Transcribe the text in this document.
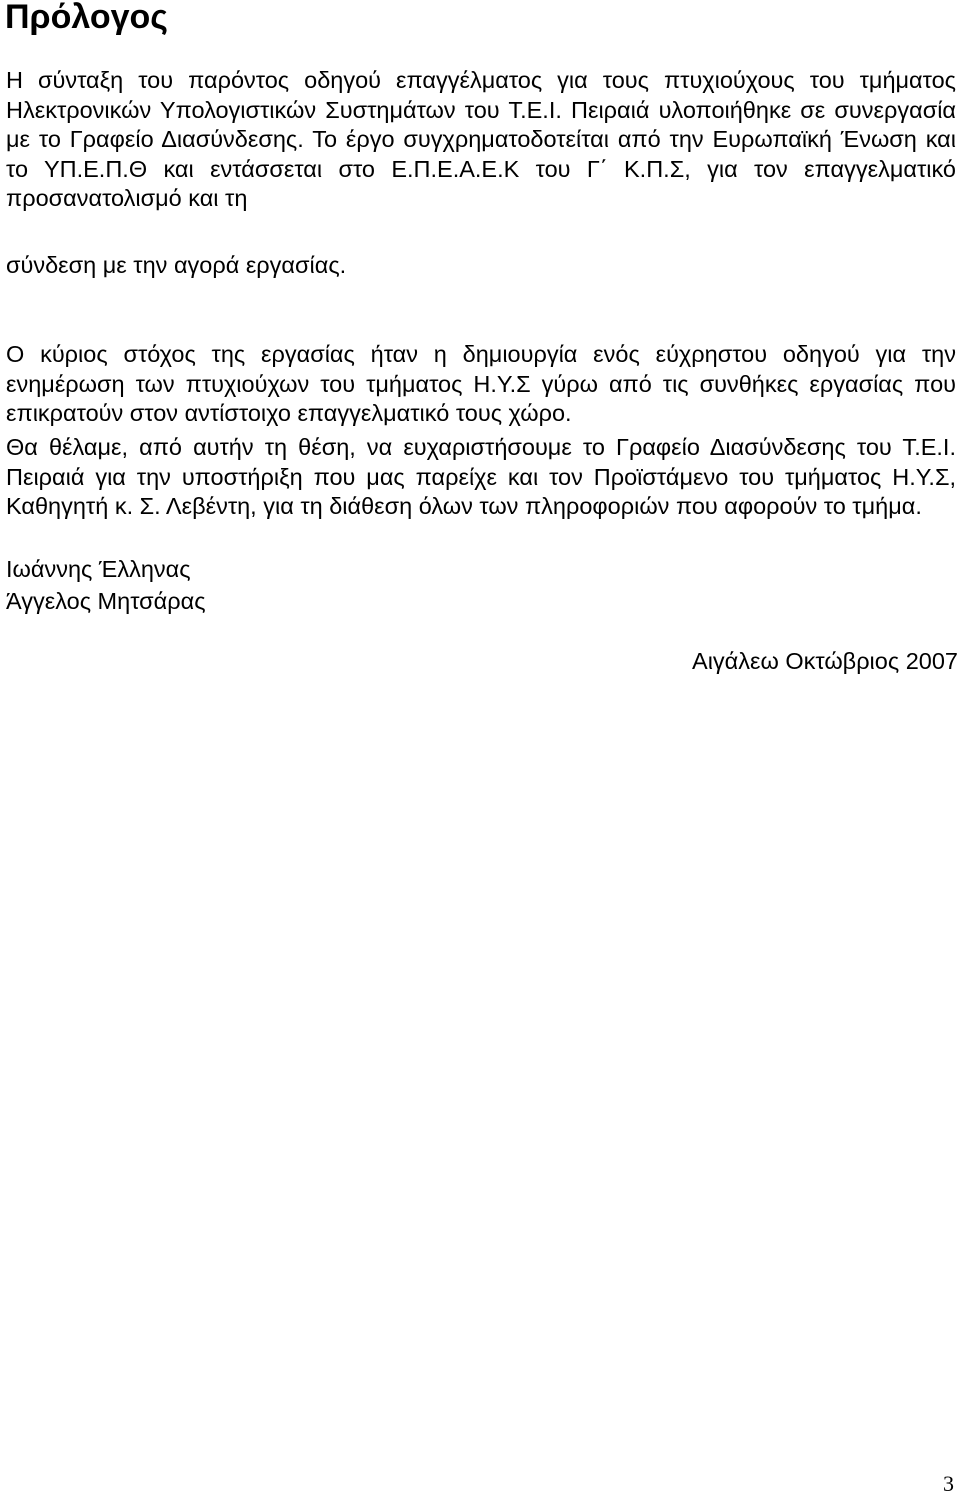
Πρόλογος

Η σύνταξη του παρόντος οδηγού επαγγέλματος για τους πτυχιούχους του τμήματος Ηλεκτρονικών Υπολογιστικών Συστημάτων του Τ.Ε.Ι. Πειραιά υλοποιήθηκε σε συνεργασία με το Γραφείο Διασύνδεσης. Το έργο συγχρηματοδοτείται από την Ευρωπαϊκή Ένωση και το ΥΠ.Ε.Π.Θ και εντάσσεται στο Ε.Π.Ε.Α.Ε.Κ του Γ΄ Κ.Π.Σ, για τον επαγγελματικό προσανατολισμό και τη

σύνδεση με την αγορά εργασίας.

Ο κύριος στόχος της εργασίας ήταν η δημιουργία ενός εύχρηστου οδηγού για την ενημέρωση των πτυχιούχων του τμήματος Η.Υ.Σ γύρω από τις συνθήκες εργασίας που επικρατούν στον αντίστοιχο επαγγελματικό τους χώρο.

Θα θέλαμε, από αυτήν τη θέση, να ευχαριστήσουμε το Γραφείο Διασύνδεσης του Τ.Ε.Ι. Πειραιά για την υποστήριξη που μας παρείχε και τον Προϊστάμενο του τμήματος Η.Υ.Σ, Καθηγητή κ. Σ. Λεβέντη, για τη διάθεση όλων των πληροφοριών που αφορούν το τμήμα.

Ιωάννης Έλληνας

Άγγελος Μητσάρας

Αιγάλεω Οκτώβριος 2007

3
